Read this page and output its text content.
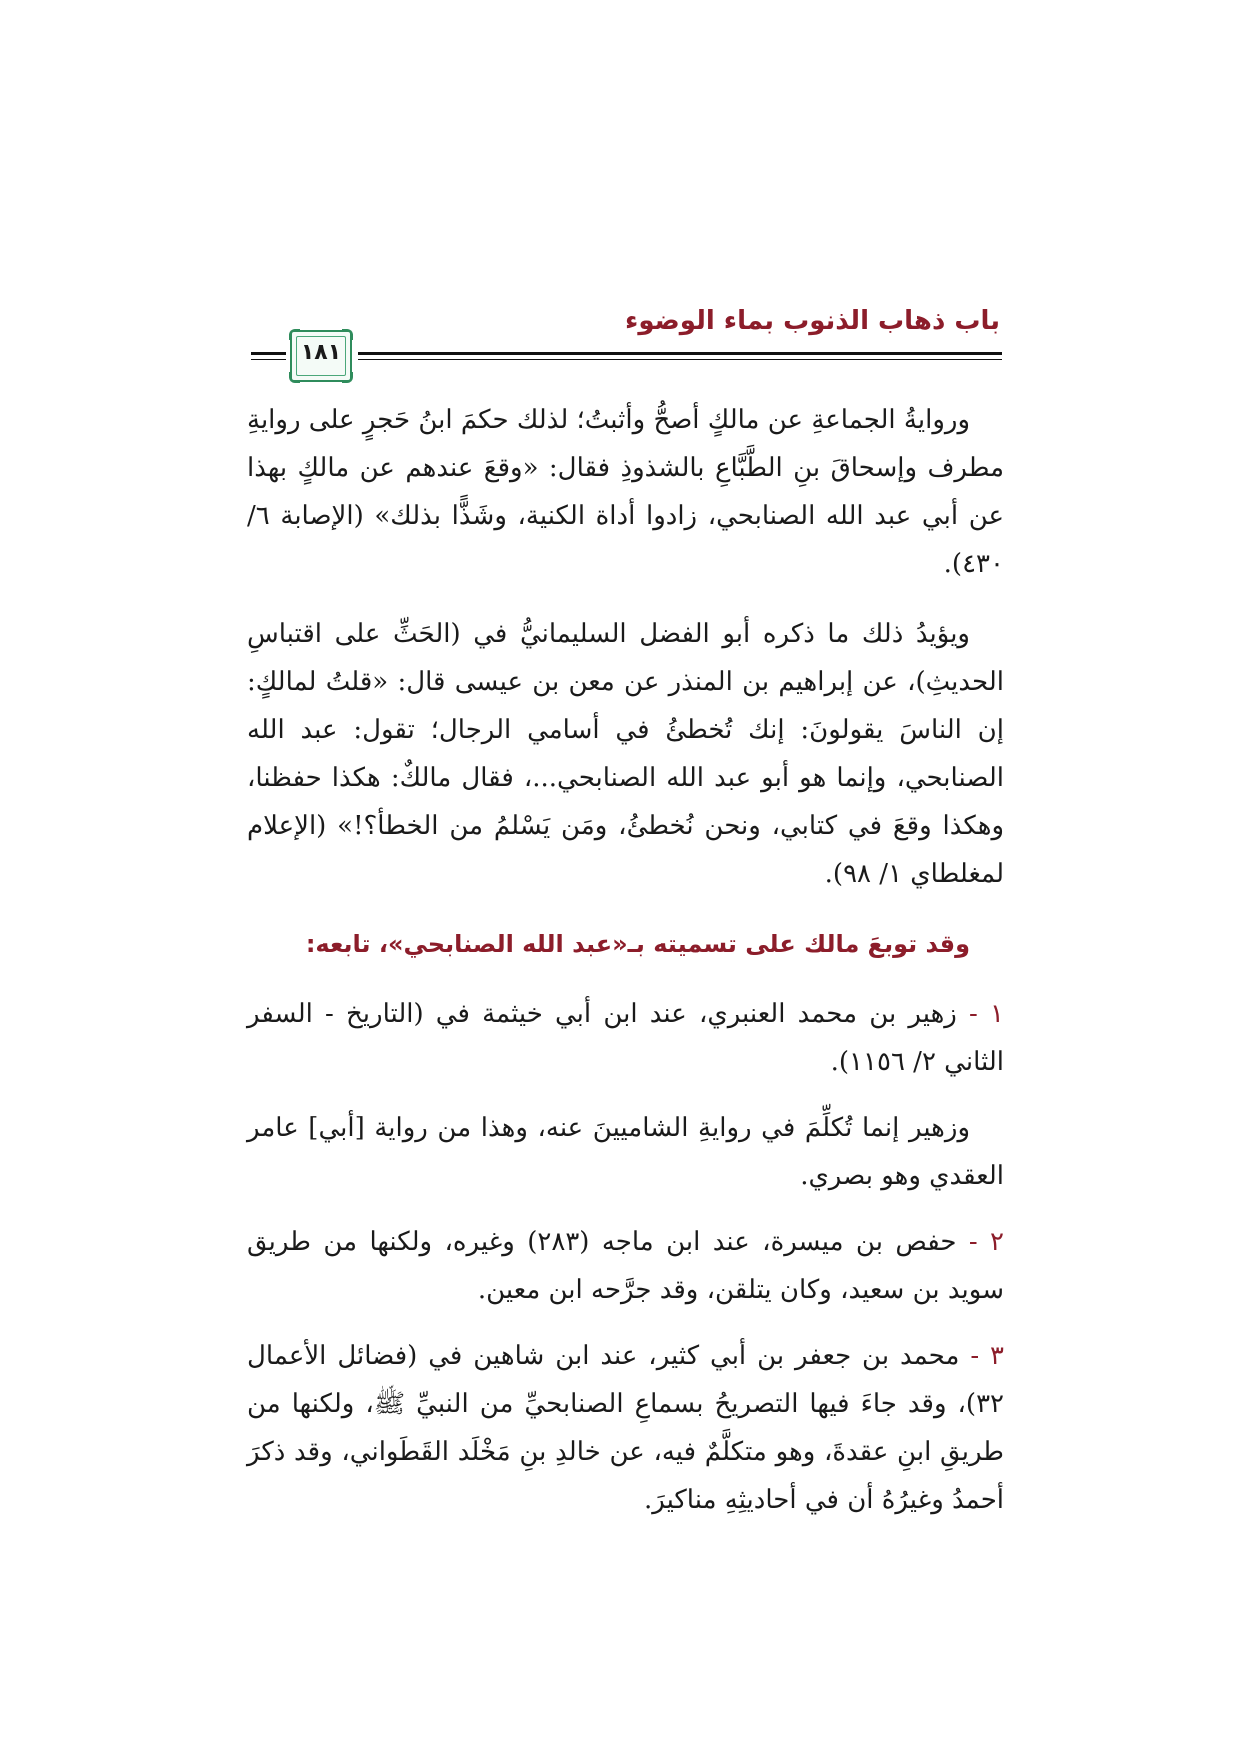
باب ذهاب الذنوب بماء الوضوء
١٨١

وروايةُ الجماعةِ عن مالكٍ أصحُّ وأثبتُ؛ لذلك حكمَ ابنُ حَجرٍ على روايةِ مطرف وإسحاقَ بنِ الطَّبَّاعِ بالشذوذِ فقال: «وقعَ عندهم عن مالكٍ بهذا عن أبي عبد الله الصنابحي، زادوا أداة الكنية، وشَذًّا بذلك» (الإصابة ٦/ ٤٣٠).

ويؤيدُ ذلك ما ذكره أبو الفضل السليمانيُّ في (الحَثِّ على اقتباسِ الحديثِ)، عن إبراهيم بن المنذر عن معن بن عيسى قال: «قلتُ لمالكٍ: إن الناسَ يقولونَ: إنك تُخطئُ في أسامي الرجال؛ تقول: عبد الله الصنابحي، وإنما هو أبو عبد الله الصنابحي...، فقال مالكٌ: هكذا حفظنا، وهكذا وقعَ في كتابي، ونحن نُخطئُ، ومَن يَسْلمُ من الخطأ؟!» (الإعلام لمغلطاي ١/ ٩٨).

وقد توبعَ مالك على تسميته بـ«عبد الله الصنابحي»، تابعه:

١ - زهير بن محمد العنبري، عند ابن أبي خيثمة في (التاريخ - السفر الثاني ٢/ ١١٥٦).

وزهير إنما تُكلِّمَ في روايةِ الشاميينَ عنه، وهذا من رواية [أبي] عامر العقدي وهو بصري.

٢ - حفص بن ميسرة، عند ابن ماجه (٢٨٣) وغيره، ولكنها من طريق سويد بن سعيد، وكان يتلقن، وقد جرَّحه ابن معين.

٣ - محمد بن جعفر بن أبي كثير، عند ابن شاهين في (فضائل الأعمال ٣٢)، وقد جاءَ فيها التصريحُ بسماعِ الصنابحيِّ من النبيِّ ﷺ، ولكنها من طريقِ ابنِ عقدةَ، وهو متكلَّمٌ فيه، عن خالدِ بنِ مَخْلَد القَطَواني، وقد ذكرَ أحمدُ وغيرُهُ أن في أحاديثِهِ مناكيرَ.
